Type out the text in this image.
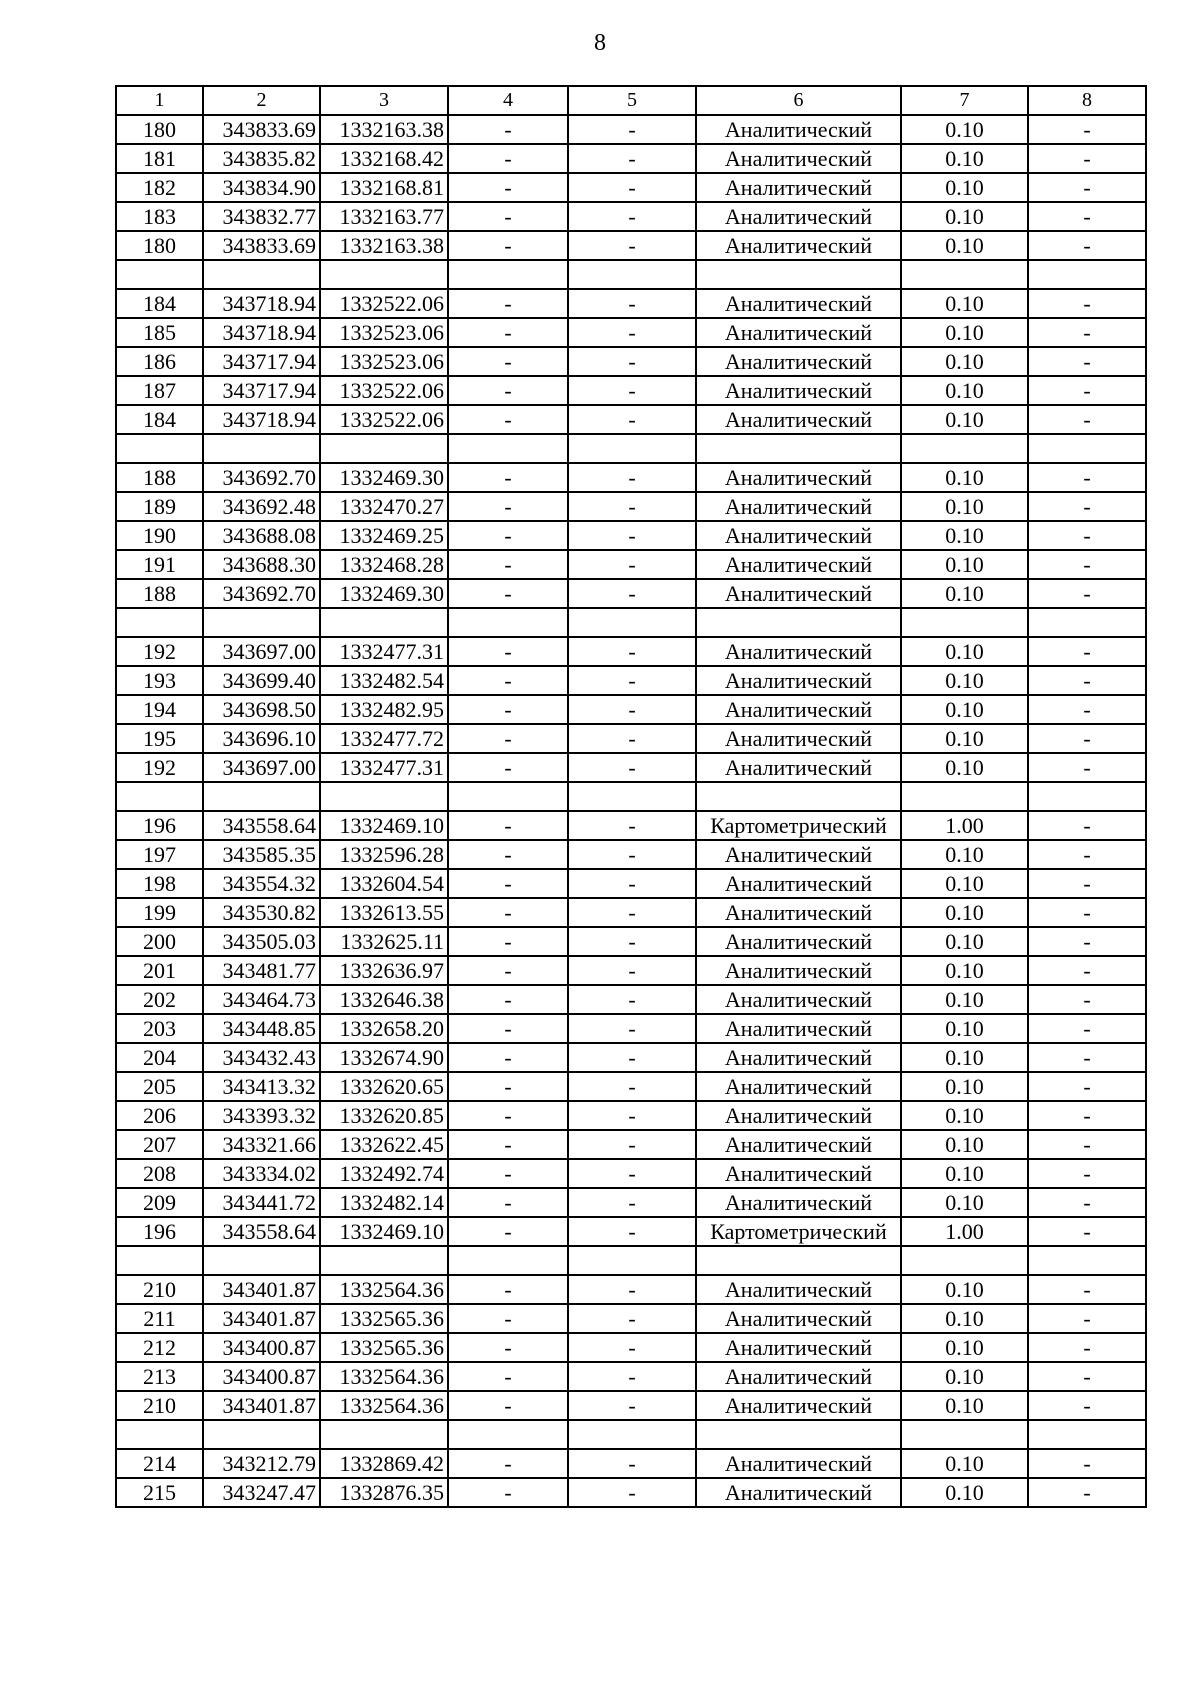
8
1	2	3	4	5	6	7	8
180	343833.69	1332163.38	-	-	Аналитический	0.10	-
181	343835.82	1332168.42	-	-	Аналитический	0.10	-
182	343834.90	1332168.81	-	-	Аналитический	0.10	-
183	343832.77	1332163.77	-	-	Аналитический	0.10	-
180	343833.69	1332163.38	-	-	Аналитический	0.10	-

184	343718.94	1332522.06	-	-	Аналитический	0.10	-
185	343718.94	1332523.06	-	-	Аналитический	0.10	-
186	343717.94	1332523.06	-	-	Аналитический	0.10	-
187	343717.94	1332522.06	-	-	Аналитический	0.10	-
184	343718.94	1332522.06	-	-	Аналитический	0.10	-

188	343692.70	1332469.30	-	-	Аналитический	0.10	-
189	343692.48	1332470.27	-	-	Аналитический	0.10	-
190	343688.08	1332469.25	-	-	Аналитический	0.10	-
191	343688.30	1332468.28	-	-	Аналитический	0.10	-
188	343692.70	1332469.30	-	-	Аналитический	0.10	-

192	343697.00	1332477.31	-	-	Аналитический	0.10	-
193	343699.40	1332482.54	-	-	Аналитический	0.10	-
194	343698.50	1332482.95	-	-	Аналитический	0.10	-
195	343696.10	1332477.72	-	-	Аналитический	0.10	-
192	343697.00	1332477.31	-	-	Аналитический	0.10	-

196	343558.64	1332469.10	-	-	Картометрический	1.00	-
197	343585.35	1332596.28	-	-	Аналитический	0.10	-
198	343554.32	1332604.54	-	-	Аналитический	0.10	-
199	343530.82	1332613.55	-	-	Аналитический	0.10	-
200	343505.03	1332625.11	-	-	Аналитический	0.10	-
201	343481.77	1332636.97	-	-	Аналитический	0.10	-
202	343464.73	1332646.38	-	-	Аналитический	0.10	-
203	343448.85	1332658.20	-	-	Аналитический	0.10	-
204	343432.43	1332674.90	-	-	Аналитический	0.10	-
205	343413.32	1332620.65	-	-	Аналитический	0.10	-
206	343393.32	1332620.85	-	-	Аналитический	0.10	-
207	343321.66	1332622.45	-	-	Аналитический	0.10	-
208	343334.02	1332492.74	-	-	Аналитический	0.10	-
209	343441.72	1332482.14	-	-	Аналитический	0.10	-
196	343558.64	1332469.10	-	-	Картометрический	1.00	-

210	343401.87	1332564.36	-	-	Аналитический	0.10	-
211	343401.87	1332565.36	-	-	Аналитический	0.10	-
212	343400.87	1332565.36	-	-	Аналитический	0.10	-
213	343400.87	1332564.36	-	-	Аналитический	0.10	-
210	343401.87	1332564.36	-	-	Аналитический	0.10	-

214	343212.79	1332869.42	-	-	Аналитический	0.10	-
215	343247.47	1332876.35	-	-	Аналитический	0.10	-
